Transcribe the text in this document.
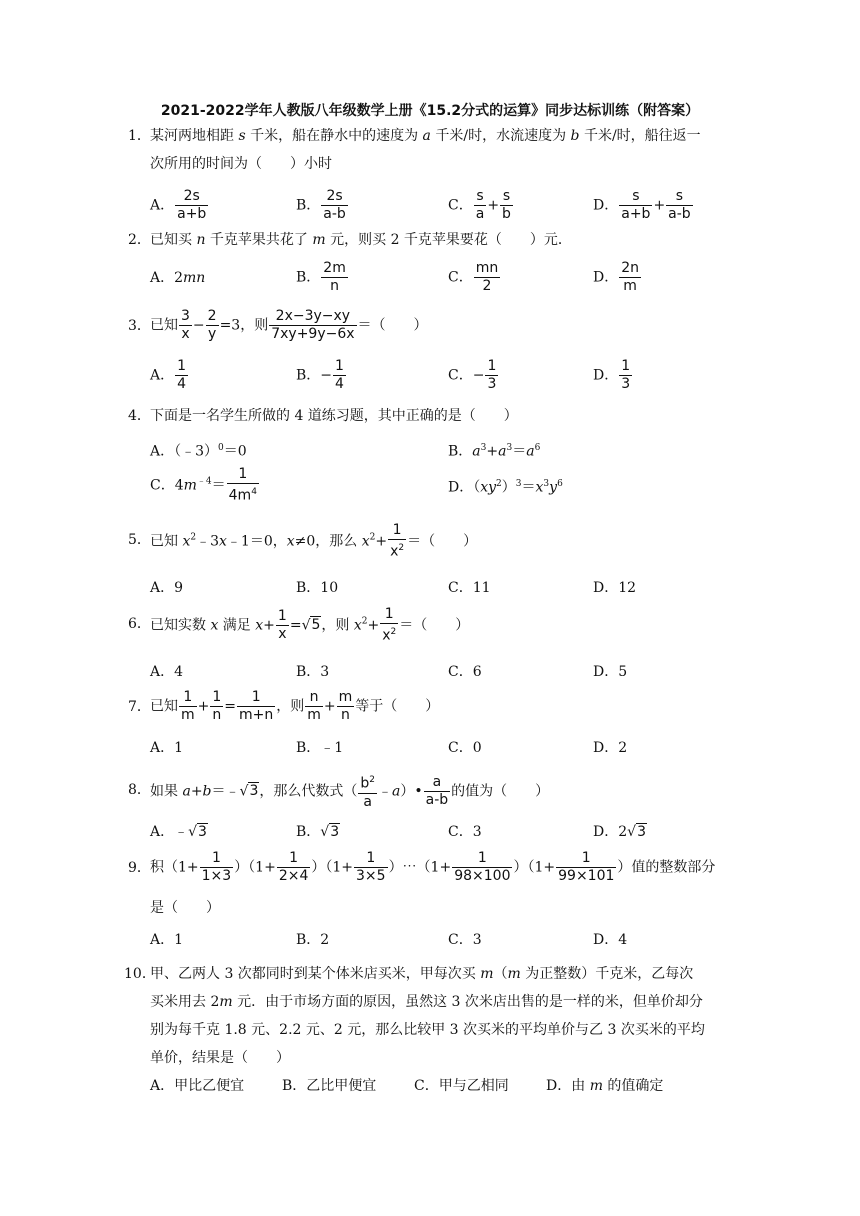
2021-2022学年人教版八年级数学上册《15.2分式的运算》同步达标训练（附答案）
1． 某河两地相距 s 千米，船在静水中的速度为 a 千米/时，水流速度为 b 千米/时，船往返一
次所用的时间为（　　）小时
A． $\frac{2s}{a+b}$	B． $\frac{2s}{a-b}$	C． $\frac{s}{a} + \frac{s}{b}$	D． $\frac{s}{a+b} + \frac{s}{a-b}$
2． 已知买 n 千克苹果共花了 m 元，则买 2 千克苹果要花（　　）元．
A．2mn	B． $\frac{2m}{n}$	C． $\frac{mn}{2}$	D． $\frac{2n}{m}$
3． 已知 $\frac{3}{x} - \frac{2}{y} =3$，则 $\frac{2x-3y-xy}{7xy+9y-6x}$ ＝（　　）
A． $\frac{1}{4}$	B．− $\frac{1}{4}$	C．− $\frac{1}{3}$	D． $\frac{1}{3}$
4． 下面是一名学生所做的 4 道练习题，其中正确的是（　　）
A．（﹣3）$^0$＝0	B．$a^3+a^3=a^6$
C．$4m^{﹣4}= \frac{1}{4m^4}$	D．$(xy^2)^3=x^3y^6$
5． 已知 $x^2﹣3x﹣1=0$，x≠0，那么 $x^2+ \frac{1}{x^2}$ ＝（　　）
A．9	B．10	C．11	D．12
6． 已知实数 x 满足 $x+ \frac{1}{x} =√5$，则 $x^2+ \frac{1}{x^2}$ ＝（　　）
A．4	B．3	C．6	D．5
7． 已知 $\frac{1}{m} + \frac{1}{n} = \frac{1}{m+n}$ ，则 $\frac{n}{m} + \frac{m}{n}$ 等于（　　）
A．1	B．﹣1	C．0	D．2
8． 如果 a+b＝﹣√3，那么代数式（ $\frac{b^2}{a}$ ﹣a）• $\frac{a}{a-b}$ 的值为（　　）
A．﹣√3	B．√3	C．3	D．2√3
9． 积$(1+ \frac{1}{1\times 3} )(1+ \frac{1}{2\times 4} )(1+ \frac{1}{3\times 5}$ ）⋯（1+ $\frac{1}{98\times 100} )(1+ \frac{1}{99\times 101}$ ）值的整数部分
是（　　）
A．1	B．2	C．3	D．4
10．
甲、乙两人 3 次都同时到某个体米店买米，甲每次买 m（m 为正整数）千克米，乙每次
买米用去 2m 元．由于市场方面的原因，虽然这 3 次米店出售的是一样的米，但单价却分
别为每千克 1.8 元、2.2 元、2 元，那么比较甲 3 次买米的平均单价与乙 3 次买米的平均
单价，结果是（　　）
A．甲比乙便宜	B．乙比甲便宜	C．甲与乙相同	D．由 m 的值确定
